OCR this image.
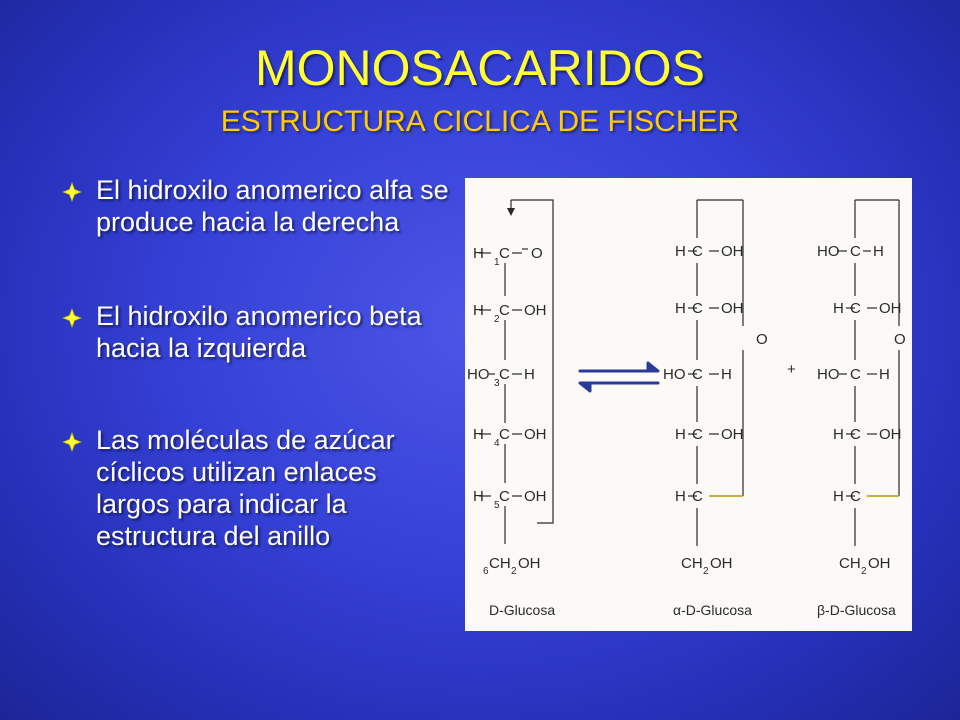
MONOSACARIDOS
ESTRUCTURA CICLICA DE FISCHER
El hidroxilo anomerico alfa se produce hacia la derecha
El hidroxilo anomerico beta hacia la izquierda
Las moléculas de azúcar cíclicos utilizan enlaces largos para indicar la estructura del anillo
H C
1
O
H C
2
OH
HO C
3
H
H C
4
OH
H C
5
OH
6 CH 2 OH
D-Glucosa
H C OH
H C OH
HO C H
H C OH
H C
O
CH 2 OH
α-D-Glucosa
+
HO C H
H C OH
HO C H
H C OH
H C
O
CH 2 OH
β-D-Glucosa
